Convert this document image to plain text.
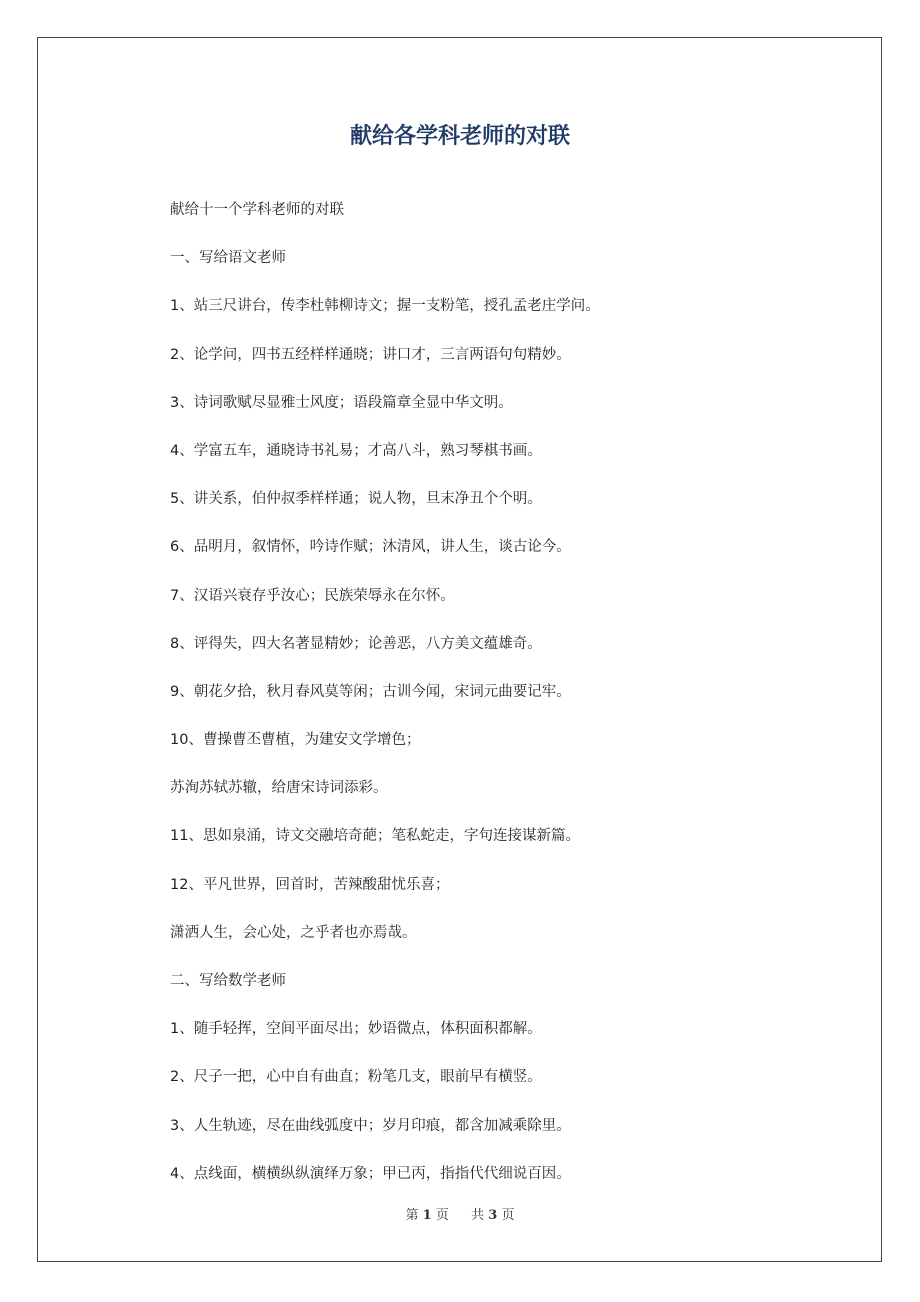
献给各学科老师的对联
献给十一个学科老师的对联
一、写给语文老师
1、站三尺讲台，传李杜韩柳诗文；握一支粉笔，授孔孟老庄学问。
2、论学问，四书五经样样通晓；讲口才，三言两语句句精妙。
3、诗词歌赋尽显雅士风度；语段篇章全显中华文明。
4、学富五车，通晓诗书礼易；才高八斗，熟习琴棋书画。
5、讲关系，伯仲叔季样样通；说人物，旦末净丑个个明。
6、品明月，叙情怀，吟诗作赋；沐清风，讲人生，谈古论今。
7、汉语兴衰存乎汝心；民族荣辱永在尔怀。
8、评得失，四大名著显精妙；论善恶，八方美文蕴雄奇。
9、朝花夕拾，秋月春风莫等闲；古训今闻，宋词元曲要记牢。
10、曹操曹丕曹植，为建安文学增色；
苏洵苏轼苏辙，给唐宋诗词添彩。
11、思如泉涌，诗文交融培奇葩；笔私蛇走，字句连接谋新篇。
12、平凡世界，回首时，苦辣酸甜忧乐喜；
潇洒人生，会心处，之乎者也亦焉哉。
二、写给数学老师
1、随手轻挥，空间平面尽出；妙语微点，体积面积都解。
2、尺子一把，心中自有曲直；粉笔几支，眼前早有横竖。
3、人生轨迹，尽在曲线弧度中；岁月印痕，都含加减乘除里。
4、点线面，横横纵纵演绎万象；甲已丙，指指代代细说百因。
第 1 页 共 3 页
